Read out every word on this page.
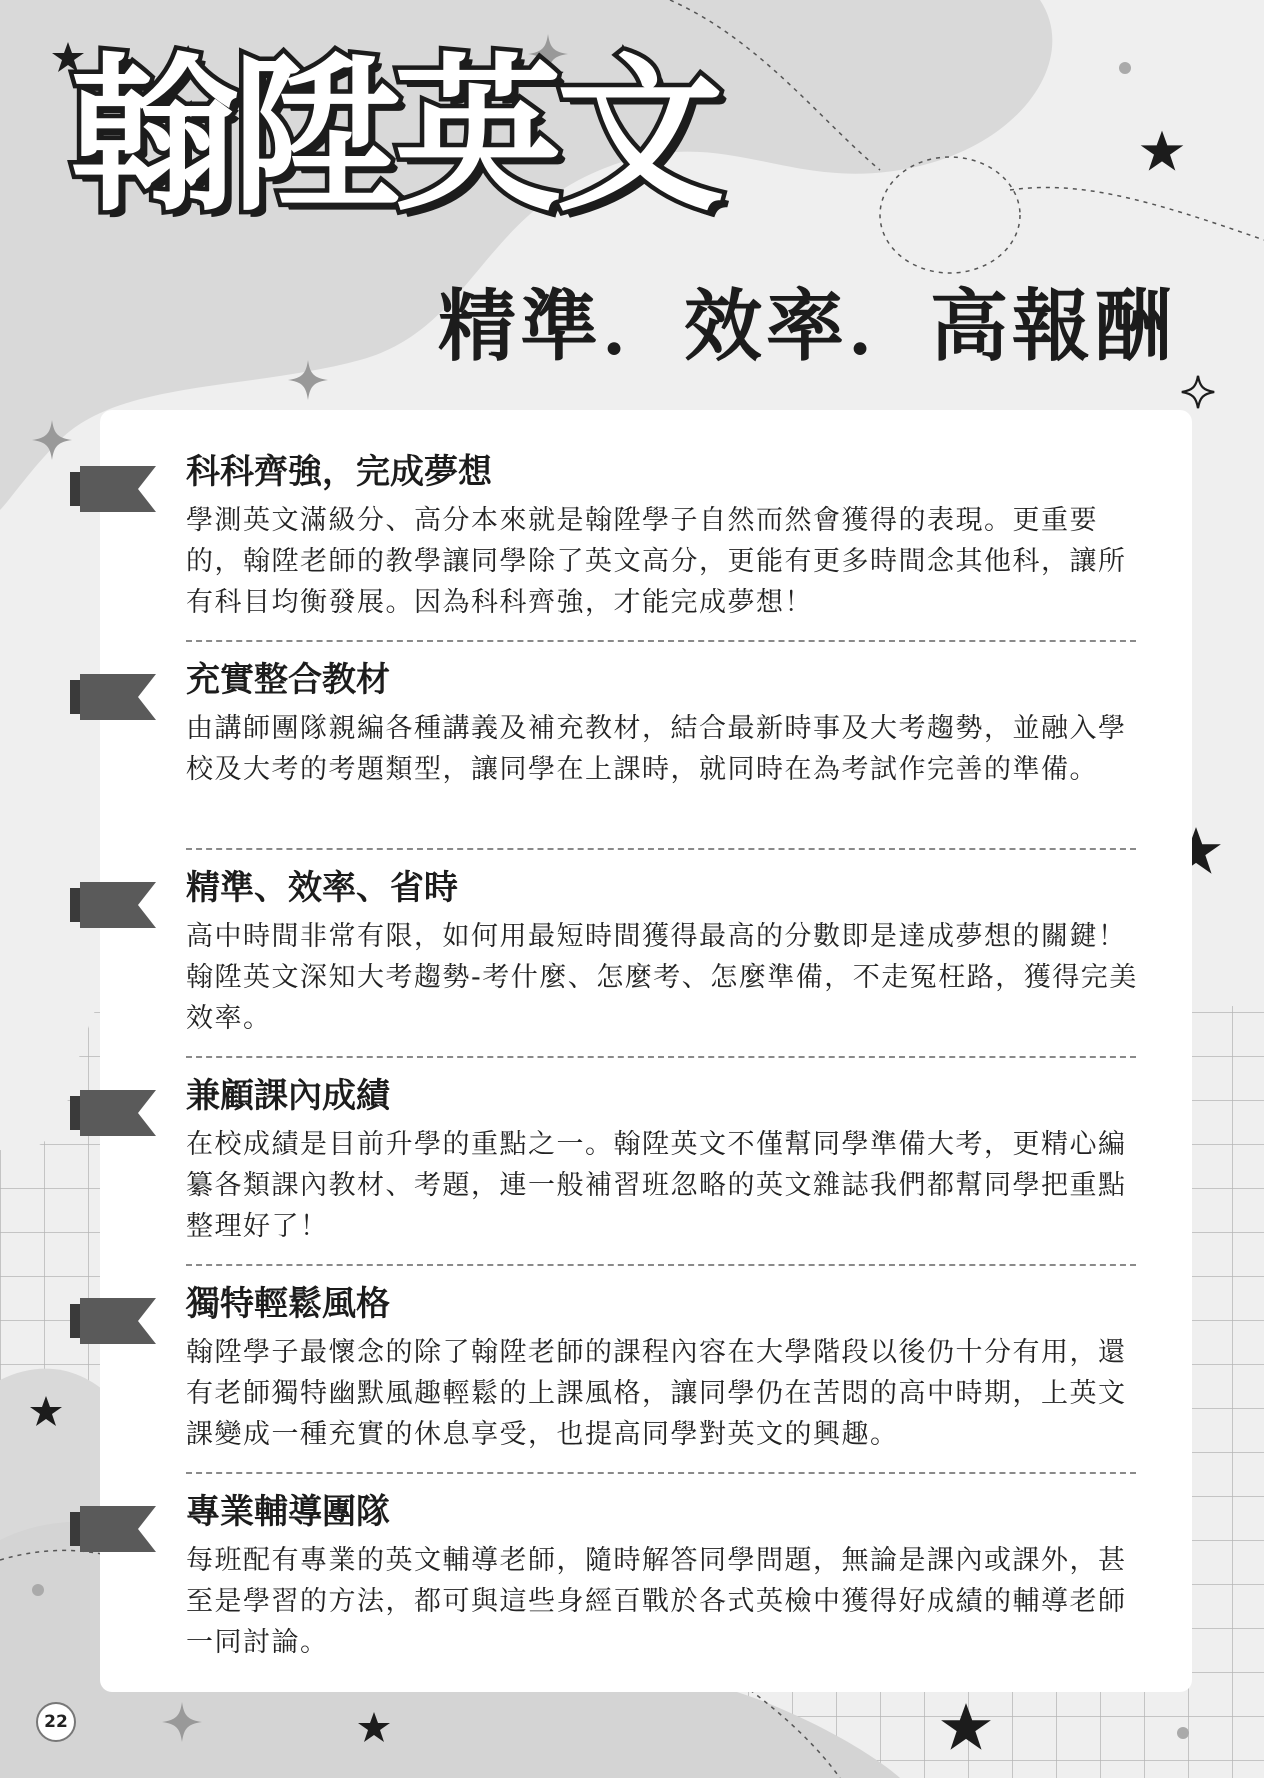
翰陞英文
精準．效率．高報酬
科科齊強，完成夢想

學測英文滿級分、高分本來就是翰陞學子自然而然會獲得的表現。更重要的，翰陞老師的教學讓同學除了英文高分，更能有更多時間念其他科，讓所有科目均衡發展。因為科科齊強，才能完成夢想！

充實整合教材

由講師團隊親編各種講義及補充教材，結合最新時事及大考趨勢，並融入學校及大考的考題類型，讓同學在上課時，就同時在為考試作完善的準備。

精準、效率、省時

高中時間非常有限，如何用最短時間獲得最高的分數即是達成夢想的關鍵！翰陞英文深知大考趨勢-考什麼、怎麼考、怎麼準備，不走冤枉路，獲得完美效率。

兼顧課內成績

在校成績是目前升學的重點之一。翰陞英文不僅幫同學準備大考，更精心編纂各類課內教材、考題，連一般補習班忽略的英文雜誌我們都幫同學把重點整理好了！

獨特輕鬆風格

翰陞學子最懷念的除了翰陞老師的課程內容在大學階段以後仍十分有用，還有老師獨特幽默風趣輕鬆的上課風格，讓同學仍在苦悶的高中時期，上英文課變成一種充實的休息享受，也提高同學對英文的興趣。

專業輔導團隊

每班配有專業的英文輔導老師，隨時解答同學問題，無論是課內或課外，甚至是學習的方法，都可與這些身經百戰於各式英檢中獲得好成績的輔導老師一同討論。

22
